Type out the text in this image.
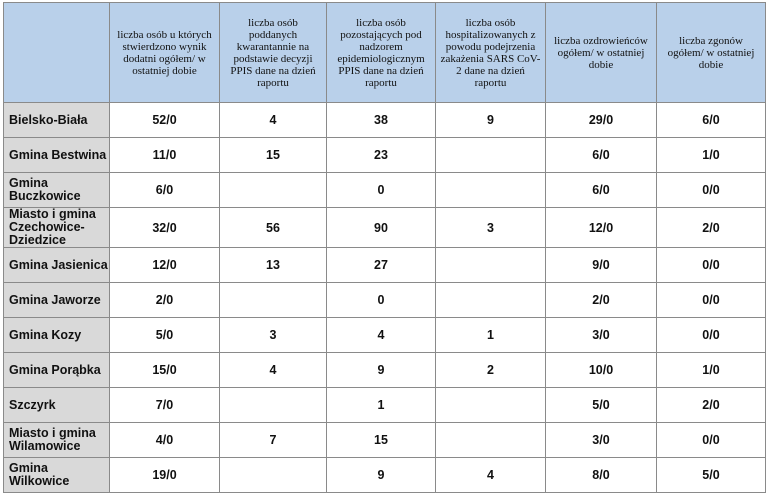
	liczba osób u których stwierdzono wynik dodatni ogółem/ w ostatniej dobie	liczba osób poddanych kwarantannie na podstawie decyzji PPIS dane na dzień raportu	liczba osób pozostających pod nadzorem epidemiologicznym PPIS dane na dzień raportu	liczba osób hospitalizowanych z powodu podejrzenia zakażenia SARS CoV-2 dane na dzień raportu	liczba ozdrowieńców ogółem/ w ostatniej dobie	liczba zgonów ogółem/ w ostatniej dobie
Bielsko-Biała	52/0	4	38	9	29/0	6/0
Gmina Bestwina	11/0	15	23		6/0	1/0
Gmina Buczkowice	6/0		0		6/0	0/0
Miasto i gmina Czechowice-Dziedzice	32/0	56	90	3	12/0	2/0
Gmina Jasienica	12/0	13	27		9/0	0/0
Gmina Jaworze	2/0		0		2/0	0/0
Gmina Kozy	5/0	3	4	1	3/0	0/0
Gmina Porąbka	15/0	4	9	2	10/0	1/0
Szczyrk	7/0		1		5/0	2/0
Miasto i gmina Wilamowice	4/0	7	15		3/0	0/0
Gmina Wilkowice	19/0		9	4	8/0	5/0
